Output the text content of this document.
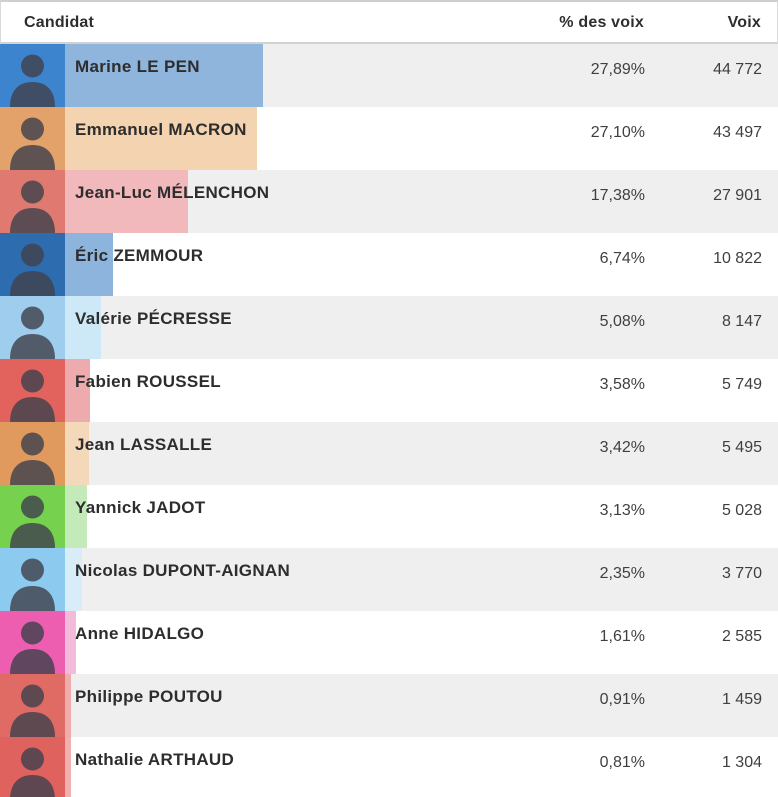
Candidat	% des voix	Voix
Marine LE PEN	27,89%	44 772
Emmanuel MACRON	27,10%	43 497
Jean-Luc MÉLENCHON	17,38%	27 901
Éric ZEMMOUR	6,74%	10 822
Valérie PÉCRESSE	5,08%	8 147
Fabien ROUSSEL	3,58%	5 749
Jean LASSALLE	3,42%	5 495
Yannick JADOT	3,13%	5 028
Nicolas DUPONT-AIGNAN	2,35%	3 770
Anne HIDALGO	1,61%	2 585
Philippe POUTOU	0,91%	1 459
Nathalie ARTHAUD	0,81%	1 304
